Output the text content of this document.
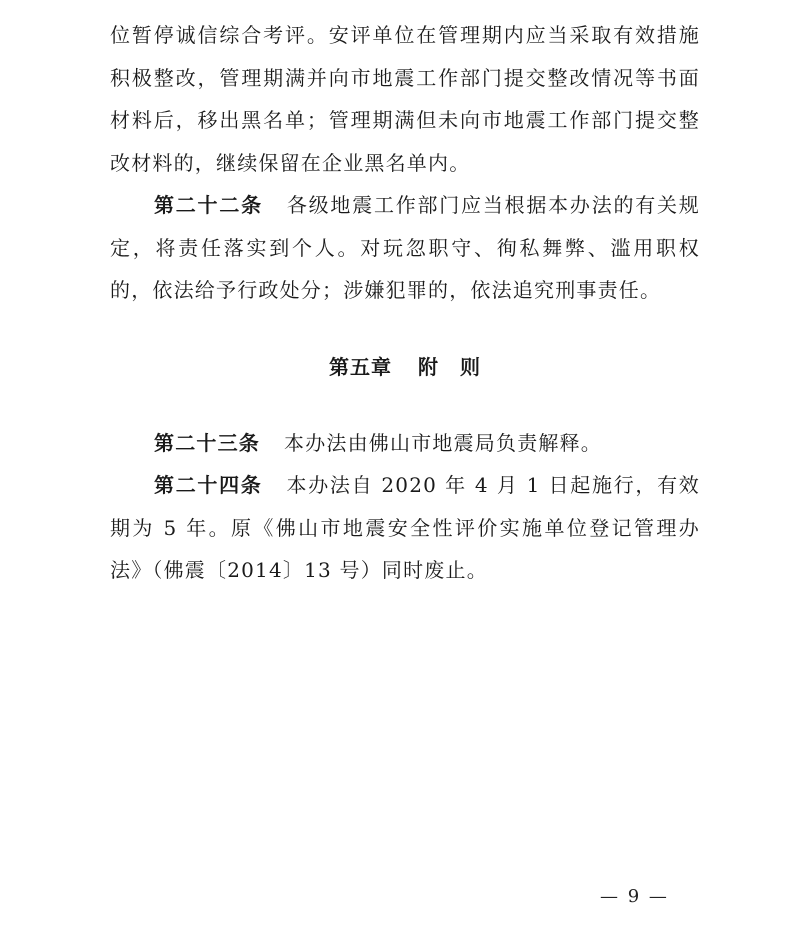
位暂停诚信综合考评。安评单位在管理期内应当采取有效措施积极整改，管理期满并向市地震工作部门提交整改情况等书面材料后，移出黑名单；管理期满但未向市地震工作部门提交整改材料的，继续保留在企业黑名单内。

第二十二条 各级地震工作部门应当根据本办法的有关规定，将责任落实到个人。对玩忽职守、徇私舞弊、滥用职权的，依法给予行政处分；涉嫌犯罪的，依法追究刑事责任。

第五章 附　则

第二十三条 本办法由佛山市地震局负责解释。

第二十四条 本办法自 2020 年 4 月 1 日起施行，有效期为 5 年。原《佛山市地震安全性评价实施单位登记管理办法》（佛震〔2014〕13 号）同时废止。

— 9 —
